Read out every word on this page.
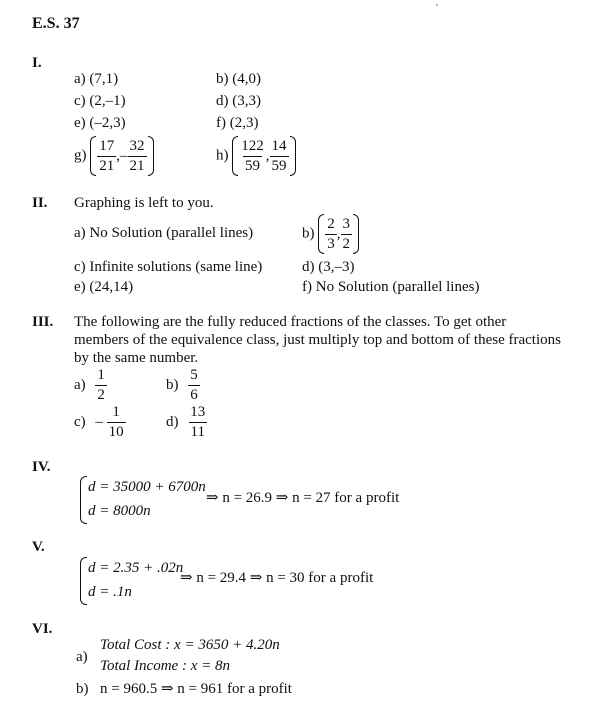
E.S. 37
I.
a) (7,1)	b) (4,0)
c) (2,–1)	d) (3,3)
e) (–2,3)	f) (2,3)
$g) \frac{17}{21}$ ,– $\frac{32}{21}$	$h) \frac{122}{59}$ , $\frac{14}{59}$
II. Graphing is left to you.
a) No Solution (parallel lines)	$b) \frac{2}{3}$ , $\frac{3}{2}$
c) Infinite solutions (same line)	d) (3,–3)
e) (24,14)	f) No Solution (parallel lines)
III. The following are the fully reduced fractions of the classes. To get other
members of the equivalence class, just multiply top and bottom of these fractions
by the same number.
$a) \frac{1}{2}$	$b) \frac{5}{6}$
$c) - \frac{1}{10}$	$d) \frac{13}{11}$
IV.
d = 35000 + 6700n
d = 8000n
⇒ n = 26.9 ⇒ n = 27 for a profit
V.
d = 2.35 + .02n
d = .1n
⇒ n = 29.4 ⇒ n = 30 for a profit
VI.
a)
Total Cost : x = 3650 + 4.20n
Total Income : x = 8n
b) n = 960.5 ⇒ n = 961 for a profit
